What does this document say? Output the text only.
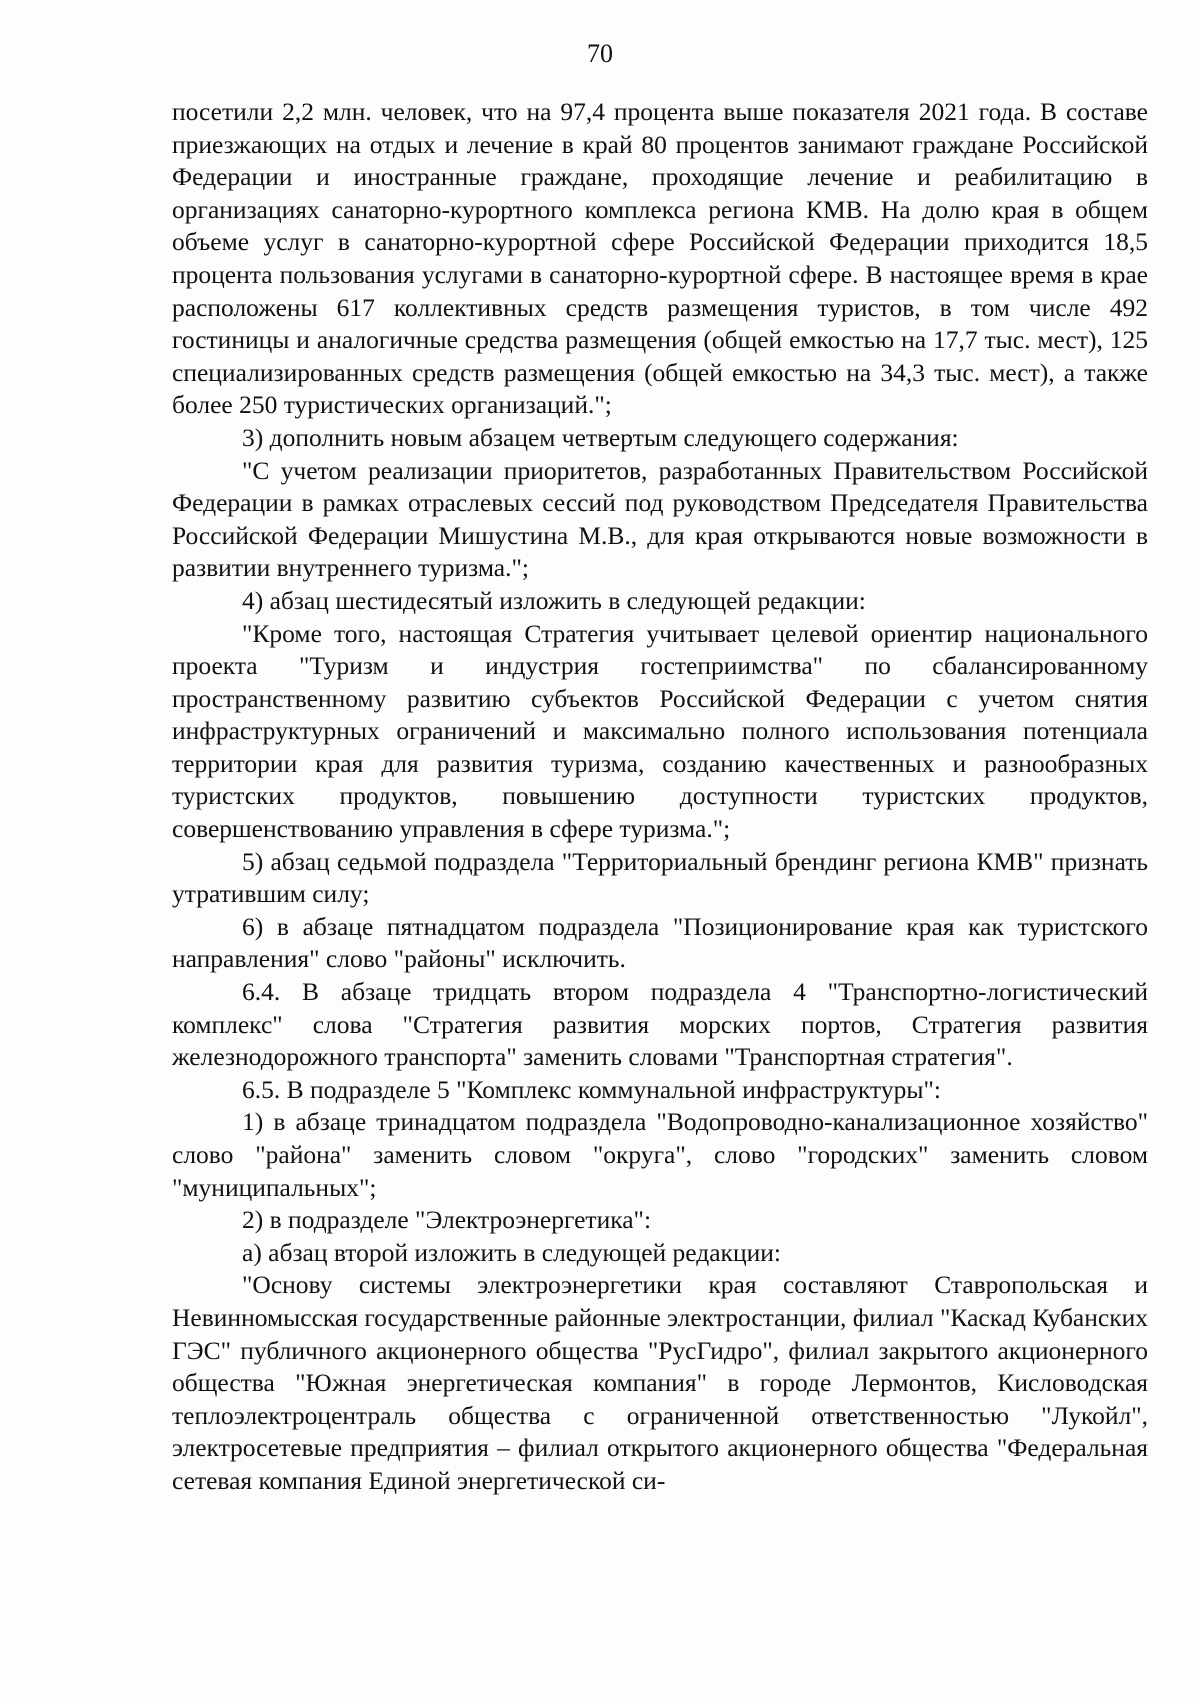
70

посетили 2,2 млн. человек, что на 97,4 процента выше показателя 2021 года. В составе приезжающих на отдых и лечение в край 80 процентов занимают граждане Российской Федерации и иностранные граждане, проходящие лечение и реабилитацию в организациях санаторно-курортного комплекса региона КМВ. На долю края в общем объеме услуг в санаторно-курортной сфере Российской Федерации приходится 18,5 процента пользования услугами в санаторно-курортной сфере. В настоящее время в крае расположены 617 коллективных средств размещения туристов, в том числе 492 гостиницы и аналогичные средства размещения (общей емкостью на 17,7 тыс. мест), 125 специализированных средств размещения (общей емкостью на 34,3 тыс. мест), а также более 250 туристических организаций.";

3) дополнить новым абзацем четвертым следующего содержания:

"С учетом реализации приоритетов, разработанных Правительством Российской Федерации в рамках отраслевых сессий под руководством Председателя Правительства Российской Федерации Мишустина М.В., для края открываются новые возможности в развитии внутреннего туризма.";

4) абзац шестидесятый изложить в следующей редакции:

"Кроме того, настоящая Стратегия учитывает целевой ориентир национального проекта "Туризм и индустрия гостеприимства" по сбалансированному пространственному развитию субъектов Российской Федерации с учетом снятия инфраструктурных ограничений и максимально полного использования потенциала территории края для развития туризма, созданию качественных и разнообразных туристских продуктов, повышению доступности туристских продуктов, совершенствованию управления в сфере туризма.";

5) абзац седьмой подраздела "Территориальный брендинг региона КМВ" признать утратившим силу;

6) в абзаце пятнадцатом подраздела "Позиционирование края как туристского направления" слово "районы" исключить.

6.4. В абзаце тридцать втором подраздела 4 "Транспортно-логистический комплекс" слова "Стратегия развития морских портов, Стратегия развития железнодорожного транспорта" заменить словами "Транспортная стратегия".

6.5. В подразделе 5 "Комплекс коммунальной инфраструктуры":

1) в абзаце тринадцатом подраздела "Водопроводно-канализационное хозяйство" слово "района" заменить словом "округа", слово "городских" заменить словом "муниципальных";

2) в подразделе "Электроэнергетика":

а) абзац второй изложить в следующей редакции:

"Основу системы электроэнергетики края составляют Ставропольская и Невинномысская государственные районные электростанции, филиал "Каскад Кубанских ГЭС" публичного акционерного общества "РусГидро", филиал закрытого акционерного общества "Южная энергетическая компания" в городе Лермонтов, Кисловодская теплоэлектроцентраль общества с ограниченной ответственностью "Лукойл", электросетевые предприятия – филиал открытого акционерного общества "Федеральная сетевая компания Единой энергетической си-
